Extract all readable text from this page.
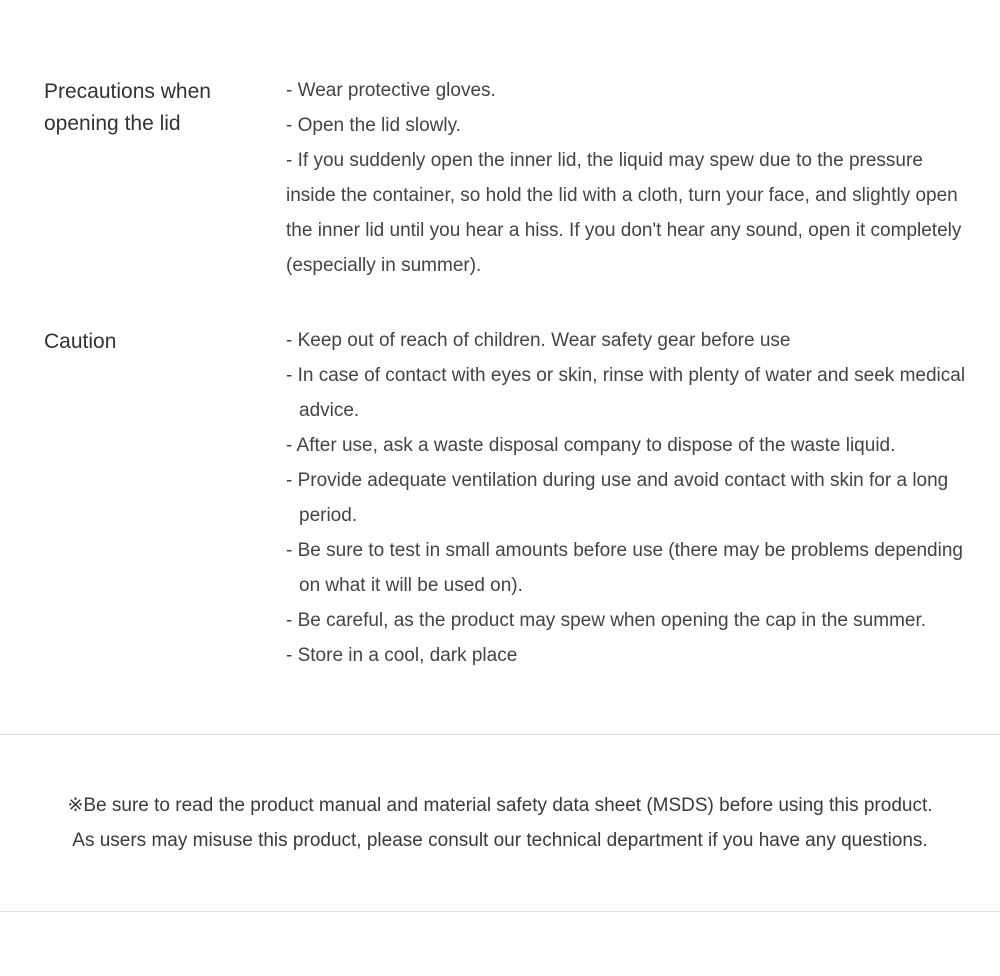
Precautions when opening the lid
- Wear protective gloves.
- Open the lid slowly.
- If you suddenly open the inner lid, the liquid may spew due to the pressure inside the container, so hold the lid with a cloth, turn your face, and slightly open the inner lid until you hear a hiss. If you don't hear any sound, open it completely (especially in summer).
Caution	- Keep out of reach of children. Wear safety gear before use
- In case of contact with eyes or skin, rinse with plenty of water and seek medical advice.
- After use, ask a waste disposal company to dispose of the waste liquid.
- Provide adequate ventilation during use and avoid contact with skin for a long period.
- Be sure to test in small amounts before use (there may be problems depending on what it will be used on).
- Be careful, as the product may spew when opening the cap in the summer.
- Store in a cool, dark place

※Be sure to read the product manual and material safety data sheet (MSDS) before using this product.

As users may misuse this product, please consult our technical department if you have any questions.
